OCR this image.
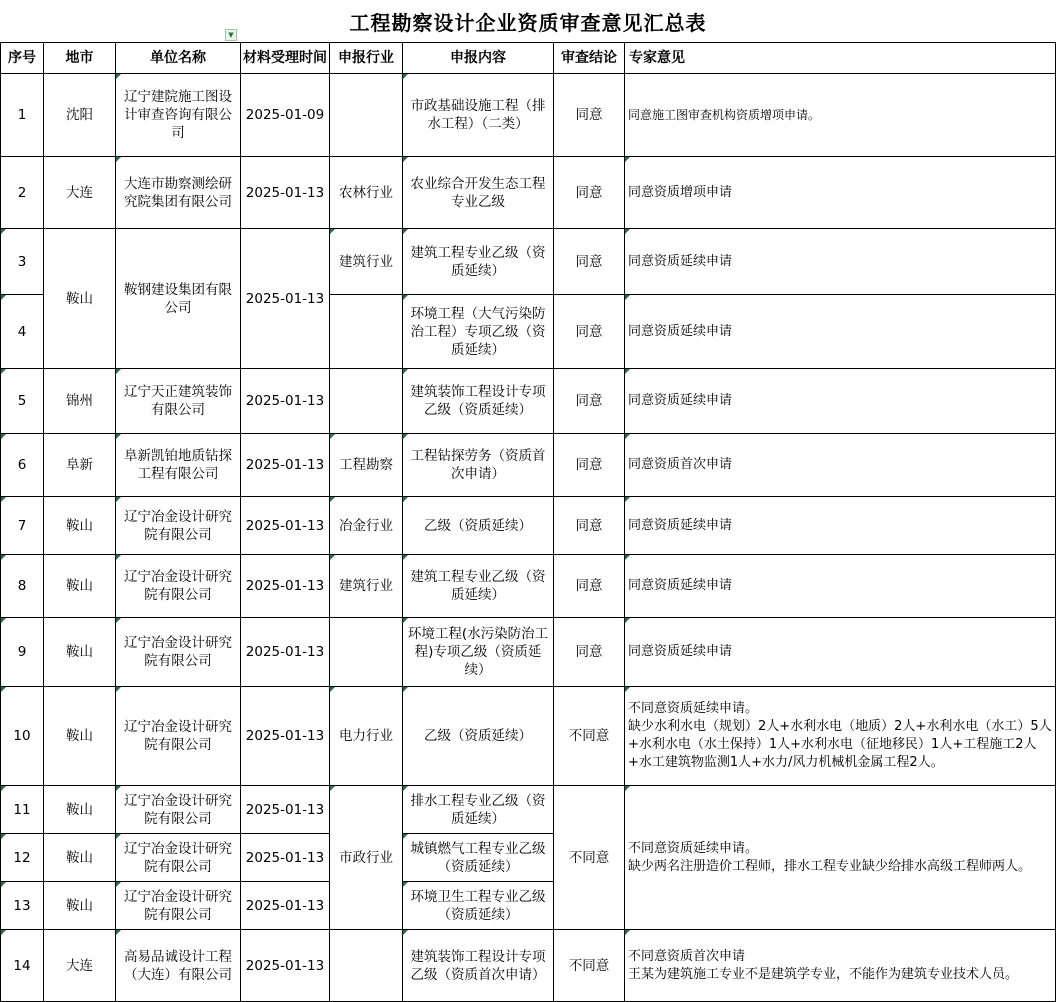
工程勘察设计企业资质审查意见汇总表
▼
序号	地市	单位名称	材料受理时间	申报行业	申报内容	审查结论	专家意见
1	沈阳	辽宁建院施工图设计审查咨询有限公司	2025-01-09		市政基础设施工程（排水工程）（二类）	同意	同意施工图审查机构资质增项申请。
2	大连	大连市勘察测绘研究院集团有限公司	2025-01-13	农林行业	农业综合开发生态工程专业乙级	同意	同意资质增项申请
3	鞍山	鞍钢建设集团有限公司	2025-01-13	建筑行业	建筑工程专业乙级（资质延续）	同意	同意资质延续申请
4					环境工程（大气污染防治工程）专项乙级（资质延续）	同意	同意资质延续申请
5	锦州	辽宁天正建筑装饰有限公司	2025-01-13		建筑装饰工程设计专项乙级（资质延续）	同意	同意资质延续申请
6	阜新	阜新凯铂地质钻探工程有限公司	2025-01-13	工程勘察	工程钻探劳务（资质首次申请）	同意	同意资质首次申请
7	鞍山	辽宁冶金设计研究院有限公司	2025-01-13	冶金行业	乙级（资质延续）	同意	同意资质延续申请
8	鞍山	辽宁冶金设计研究院有限公司	2025-01-13	建筑行业	建筑工程专业乙级（资质延续）	同意	同意资质延续申请
9	鞍山	辽宁冶金设计研究院有限公司	2025-01-13		环境工程(水污染防治工程)专项乙级（资质延续）	同意	同意资质延续申请
10	鞍山	辽宁冶金设计研究院有限公司	2025-01-13	电力行业	乙级（资质延续）	不同意	不同意资质延续申请。
缺少水利水电（规划）2人+水利水电（地质）2人+水利水电（水工）5人+水利水电（水土保持）1人+水利水电（征地移民）1人+工程施工2人+水工建筑物监测1人+水力/风力机械机金属工程2人。

11	鞍山	辽宁冶金设计研究院有限公司	2025-01-13	市政行业	排水工程专业乙级（资质延续）	不同意	不同意资质延续申请。
缺少两名注册造价工程师，排水工程专业缺少给排水高级工程师两人。

12	鞍山	辽宁冶金设计研究院有限公司	2025-01-13		城镇燃气工程专业乙级（资质延续）		
13	鞍山	辽宁冶金设计研究院有限公司	2025-01-13		环境卫生工程专业乙级（资质延续）		
14	大连	高易品诚设计工程（大连）有限公司	2025-01-13		建筑装饰工程设计专项乙级（资质首次申请）	不同意	不同意资质首次申请
王某为建筑施工专业不是建筑学专业，不能作为建筑专业技术人员。
